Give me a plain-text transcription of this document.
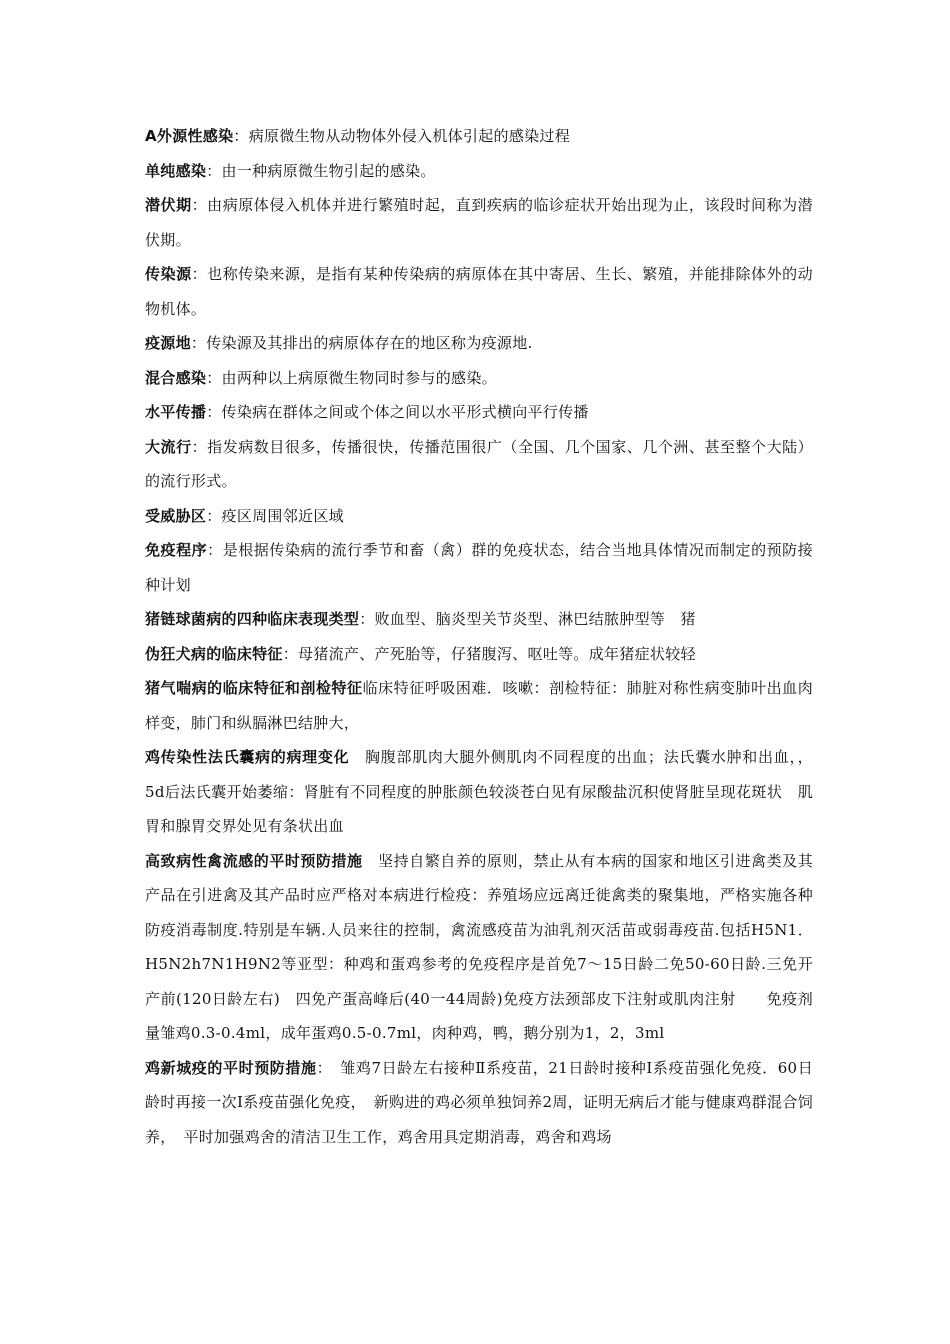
A外源性感染：病原微生物从动物体外侵入机体引起的感染过程

单纯感染：由一种病原微生物引起的感染。

潜伏期：由病原体侵入机体并进行繁殖时起，直到疾病的临诊症状开始出现为止，该段时间称为潜伏期。

传染源：也称传染来源，是指有某种传染病的病原体在其中寄居、生长、繁殖，并能排除体外的动物机体。

疫源地：传染源及其排出的病原体存在的地区称为疫源地.

混合感染：由两种以上病原微生物同时参与的感染。

水平传播：传染病在群体之间或个体之间以水平形式横向平行传播

大流行：指发病数目很多，传播很快，传播范围很广（全国、几个国家、几个洲、甚至整个大陆）的流行形式。

受威胁区：疫区周围邻近区域

免疫程序：是根据传染病的流行季节和畜（禽）群的免疫状态，结合当地具体情况而制定的预防接种计划

猪链球菌病的四种临床表现类型：败血型、脑炎型关节炎型、淋巴结脓肿型等　猪

伪狂犬病的临床特征：母猪流产、产死胎等，仔猪腹泻、呕吐等。成年猪症状较轻

猪气喘病的临床特征和剖检特征临床特征呼吸困难．咳嗽：剖检特征：肺脏对称性病变肺叶出血肉样变，肺门和纵膈淋巴结肿大，

鸡传染性法氏囊病的病理变化　胸腹部肌肉大腿外侧肌肉不同程度的出血；法氏囊水肿和出血，，5d后法氏囊开始萎缩：肾脏有不同程度的肿胀颜色较淡苍白见有尿酸盐沉积使肾脏呈现花斑状　肌胃和腺胃交界处见有条状出血

高致病性禽流感的平时预防措施　坚持自繁自养的原则，禁止从有本病的国家和地区引进禽类及其产品在引进禽及其产品时应严格对本病进行检疫：养殖场应远离迁徙禽类的聚集地，严格实施各种防疫消毒制度.特别是车辆.人员来往的控制，禽流感疫苗为油乳剂灭活苗或弱毒疫苗.包括H5N1．H5N2h7N1H9N2等亚型：种鸡和蛋鸡参考的免疫程序是首免7～15日龄二免50-60日龄.三免开产前(120日龄左右)　四免产蛋高峰后(40一44周龄)免疫方法颈部皮下注射或肌肉注射　　免疫剂量雏鸡0.3-0.4ml，成年蛋鸡0.5-0.7ml，肉种鸡，鸭，鹅分别为1，2，3ml

鸡新城疫的平时预防措施：　雏鸡7日龄左右接种Ⅱ系疫苗，21日龄时接种Ⅰ系疫苗强化免疫．60日龄时再接一次Ⅰ系疫苗强化免疫，　新购进的鸡必须单独饲养2周，证明无病后才能与健康鸡群混合饲养，　平时加强鸡舍的清洁卫生工作，鸡舍用具定期消毒，鸡舍和鸡场
